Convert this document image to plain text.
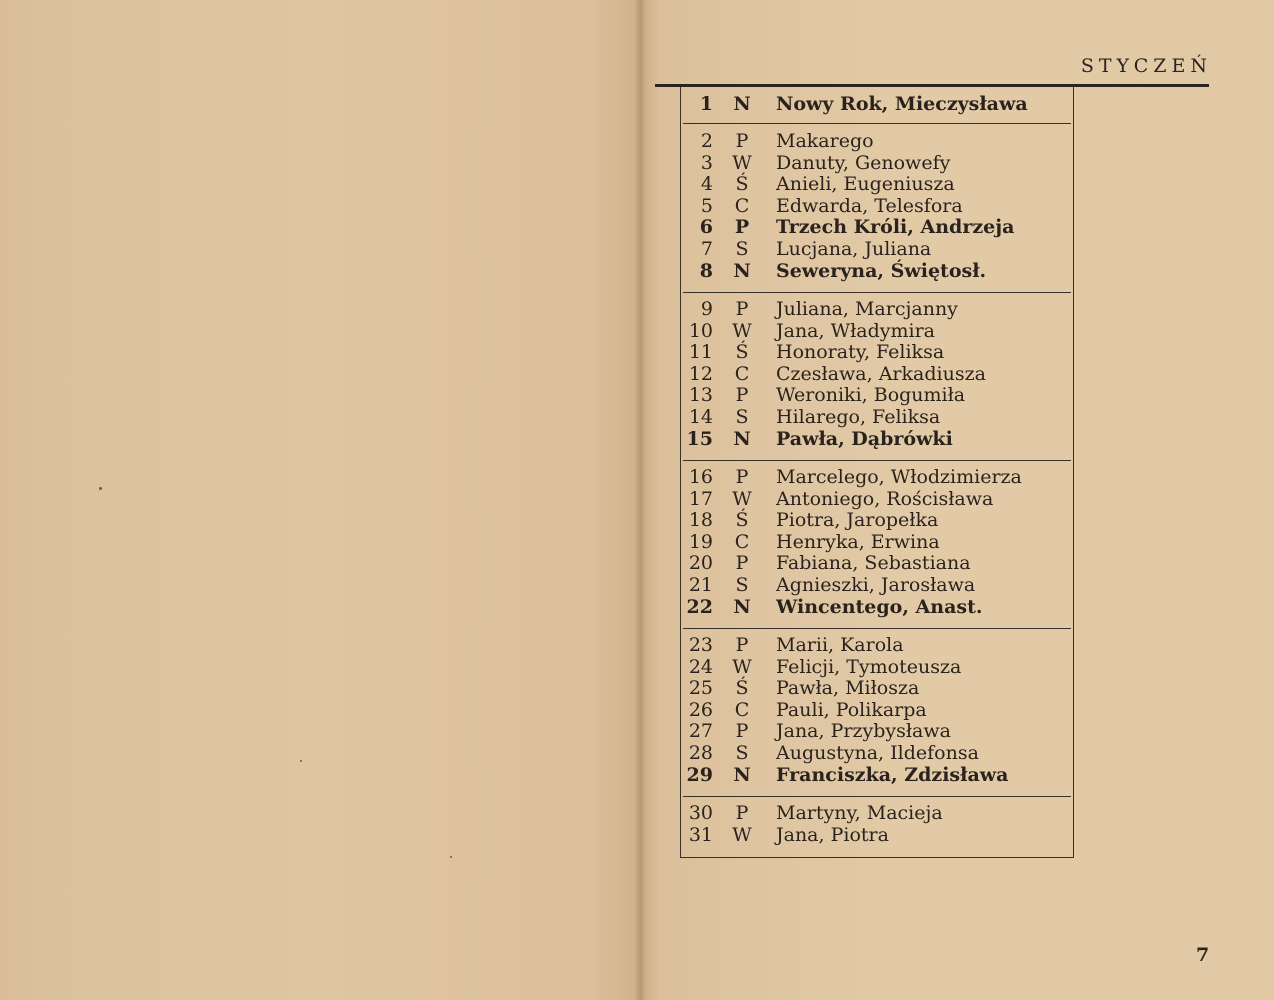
STYCZEŃ
1 N Nowy Rok, Mieczysława
2 P Makarego
3 W Danuty, Genowefy
4 Ś Anieli, Eugeniusza
5 C Edwarda, Telesfora
6 P Trzech Króli, Andrzeja
7 S Lucjana, Juliana
8 N Seweryna, Świętosł.
9 P Juliana, Marcjanny
10 W Jana, Władymira
11 Ś Honoraty, Feliksa
12 C Czesława, Arkadiusza
13 P Weroniki, Bogumiła
14 S Hilarego, Feliksa
15 N Pawła, Dąbrówki
16 P Marcelego, Włodzimierza
17 W Antoniego, Rościsława
18 Ś Piotra, Jaropełka
19 C Henryka, Erwina
20 P Fabiana, Sebastiana
21 S Agnieszki, Jarosława
22 N Wincentego, Anast.
23 P Marii, Karola
24 W Felicji, Tymoteusza
25 Ś Pawła, Miłosza
26 C Pauli, Polikarpa
27 P Jana, Przybysława
28 S Augustyna, Ildefonsa
29 N Franciszka, Zdzisława
30 P Martyny, Macieja
31 W Jana, Piotra
7
